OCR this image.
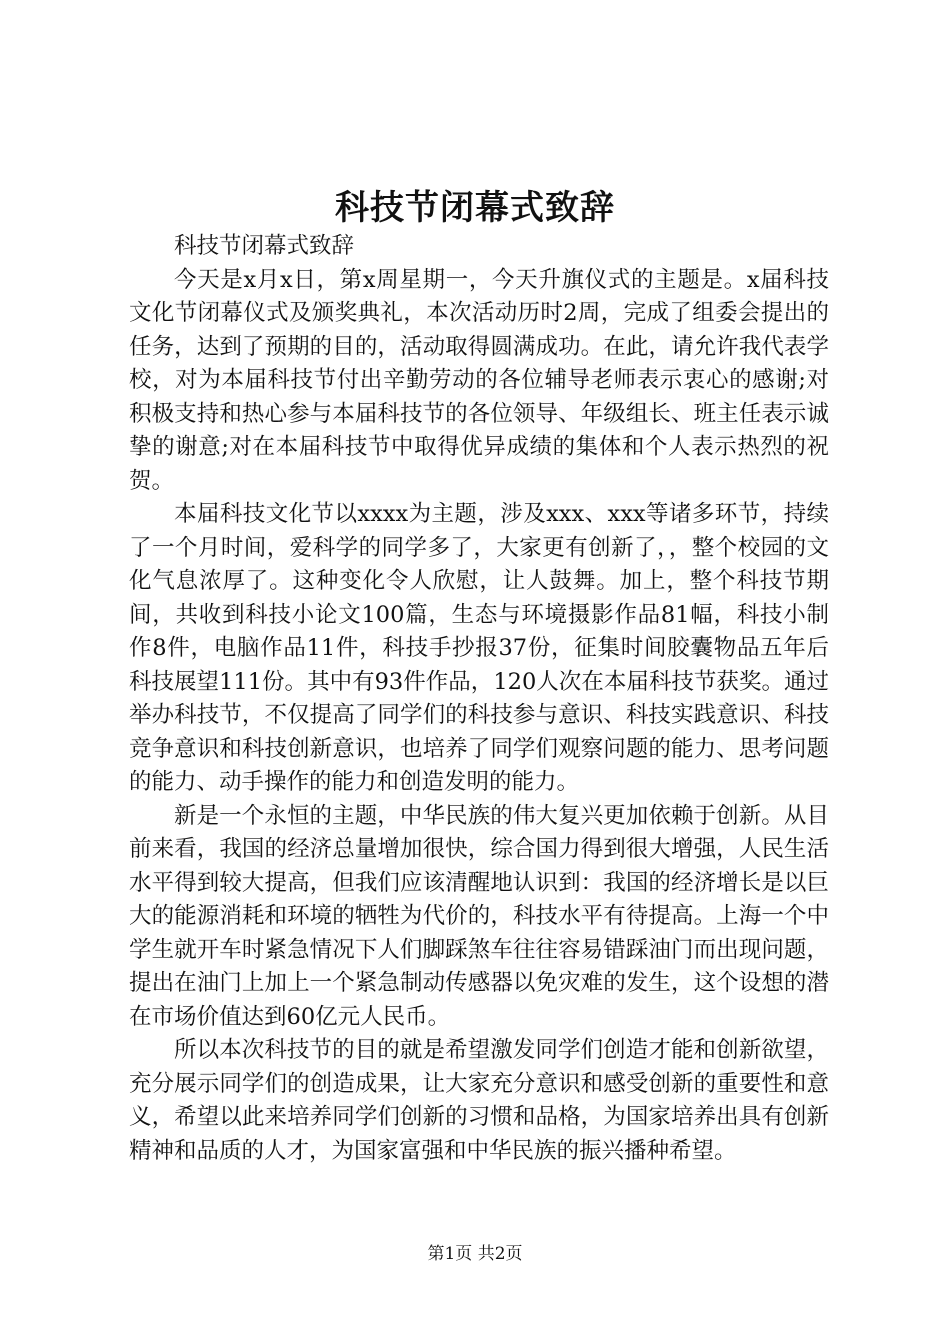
科技节闭幕式致辞

科技节闭幕式致辞

今天是x月x日，第x周星期一，今天升旗仪式的主题是。x届科技文化节闭幕仪式及颁奖典礼，本次活动历时2周，完成了组委会提出的任务，达到了预期的目的，活动取得圆满成功。在此，请允许我代表学校，对为本届科技节付出辛勤劳动的各位辅导老师表示衷心的感谢;对积极支持和热心参与本届科技节的各位领导、年级组长、班主任表示诚挚的谢意;对在本届科技节中取得优异成绩的集体和个人表示热烈的祝贺。

本届科技文化节以xxxx为主题，涉及xxx、xxx等诸多环节，持续了一个月时间，爱科学的同学多了，大家更有创新了，，整个校园的文化气息浓厚了。这种变化令人欣慰，让人鼓舞。加上，整个科技节期间，共收到科技小论文100篇，生态与环境摄影作品81幅，科技小制作8件，电脑作品11件，科技手抄报37份，征集时间胶囊物品五年后科技展望111份。其中有93件作品，120人次在本届科技节获奖。通过举办科技节，不仅提高了同学们的科技参与意识、科技实践意识、科技竞争意识和科技创新意识，也培养了同学们观察问题的能力、思考问题的能力、动手操作的能力和创造发明的能力。

新是一个永恒的主题，中华民族的伟大复兴更加依赖于创新。从目前来看，我国的经济总量增加很快，综合国力得到很大增强，人民生活水平得到较大提高，但我们应该清醒地认识到：我国的经济增长是以巨大的能源消耗和环境的牺牲为代价的，科技水平有待提高。上海一个中学生就开车时紧急情况下人们脚踩煞车往往容易错踩油门而出现问题，提出在油门上加上一个紧急制动传感器以免灾难的发生，这个设想的潜在市场价值达到60亿元人民币。

所以本次科技节的目的就是希望激发同学们创造才能和创新欲望，充分展示同学们的创造成果，让大家充分意识和感受创新的重要性和意义，希望以此来培养同学们创新的习惯和品格，为国家培养出具有创新精神和品质的人才，为国家富强和中华民族的振兴播种希望。

第1页 共2页
